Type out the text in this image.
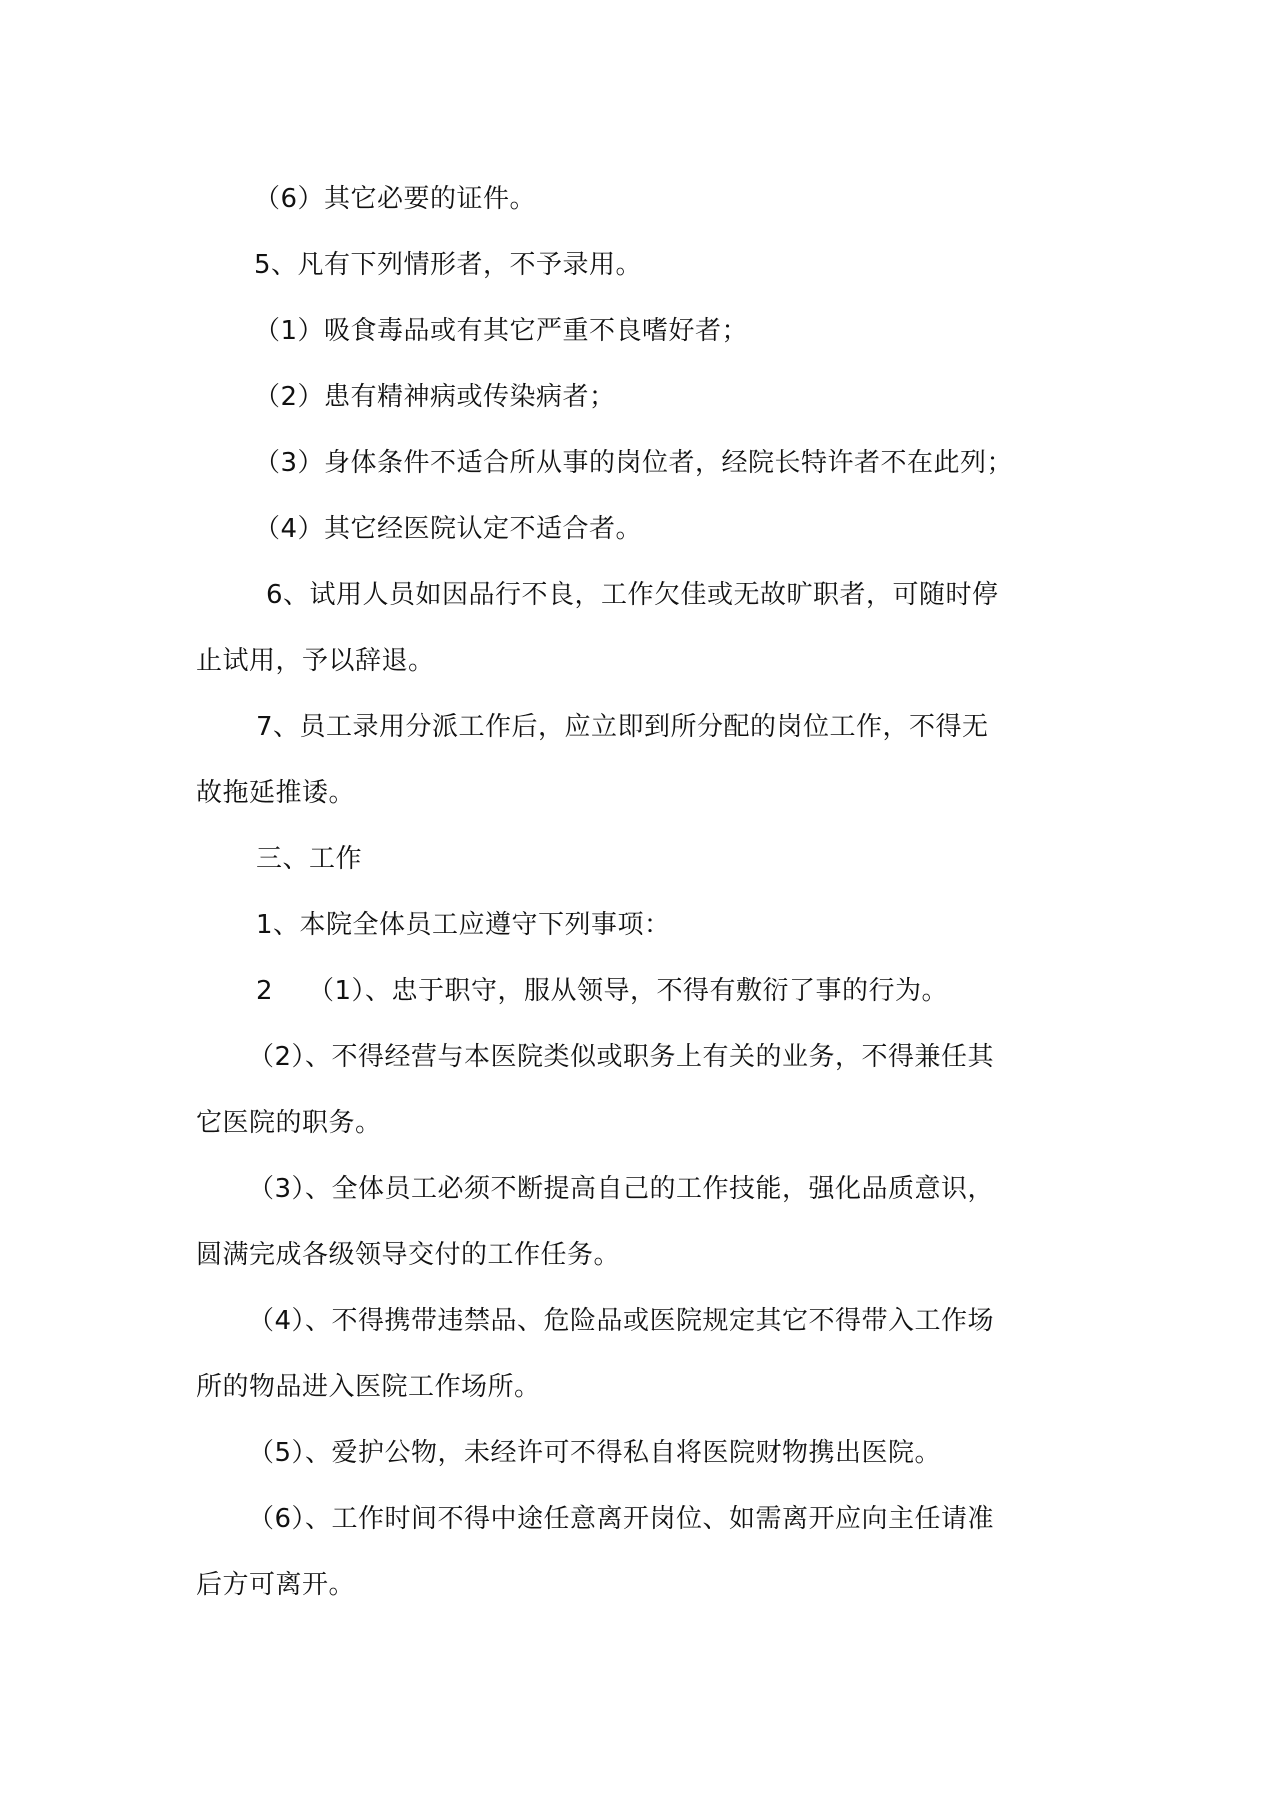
（6）其它必要的证件。
5、凡有下列情形者，不予录用。
（1）吸食毒品或有其它严重不良嗜好者；
（2）患有精神病或传染病者；
（3）身体条件不适合所从事的岗位者，经院长特许者不在此列；
（4）其它经医院认定不适合者。
6、试用人员如因品行不良，工作欠佳或无故旷职者，可随时停
止试用，予以辞退。
7、员工录用分派工作后，应立即到所分配的岗位工作，不得无
故拖延推诿。
三、工作
1、本院全体员工应遵守下列事项：
2 （1）、忠于职守，服从领导，不得有敷衍了事的行为。
（2）、不得经营与本医院类似或职务上有关的业务，不得兼任其
它医院的职务。
（3）、全体员工必须不断提高自己的工作技能，强化品质意识，
圆满完成各级领导交付的工作任务。
（4）、不得携带违禁品、危险品或医院规定其它不得带入工作场
所的物品进入医院工作场所。
（5）、爱护公物，未经许可不得私自将医院财物携出医院。
（6）、工作时间不得中途任意离开岗位、如需离开应向主任请准
后方可离开。
